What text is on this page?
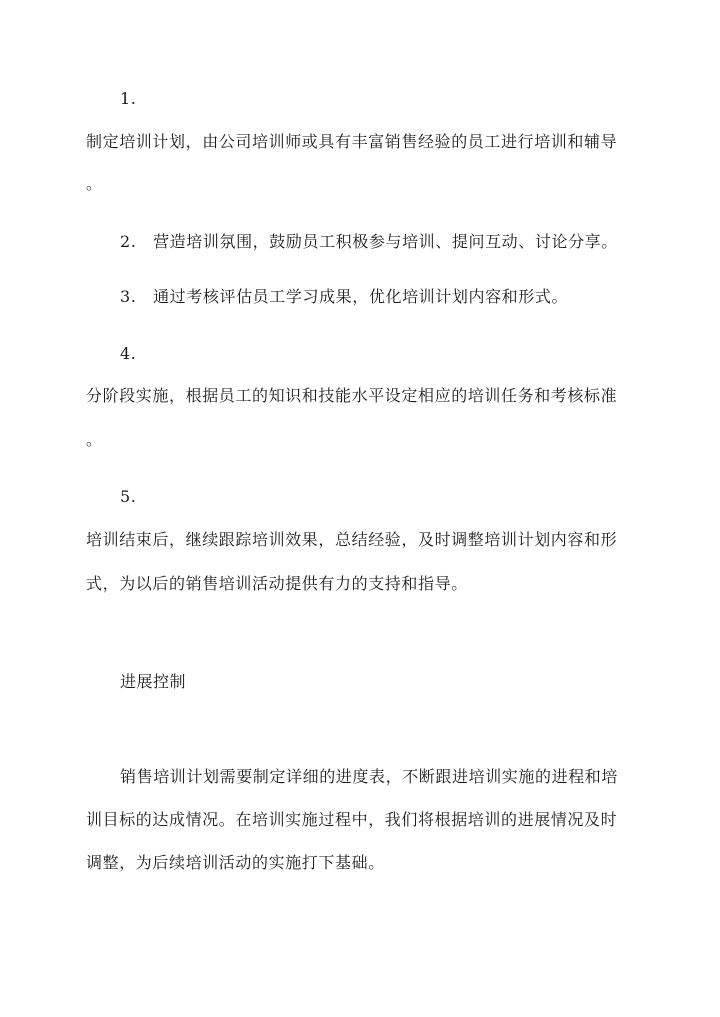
1.
制定培训计划，由公司培训师或具有丰富销售经验的员工进行培训和辅导
。
2.　营造培训氛围，鼓励员工积极参与培训、提问互动、讨论分享。
3.　通过考核评估员工学习成果，优化培训计划内容和形式。
4.
分阶段实施，根据员工的知识和技能水平设定相应的培训任务和考核标准
。
5.
培训结束后，继续跟踪培训效果，总结经验，及时调整培训计划内容和形
式，为以后的销售培训活动提供有力的支持和指导。
进展控制
销售培训计划需要制定详细的进度表，不断跟进培训实施的进程和培
训目标的达成情况。在培训实施过程中，我们将根据培训的进展情况及时
调整，为后续培训活动的实施打下基础。
